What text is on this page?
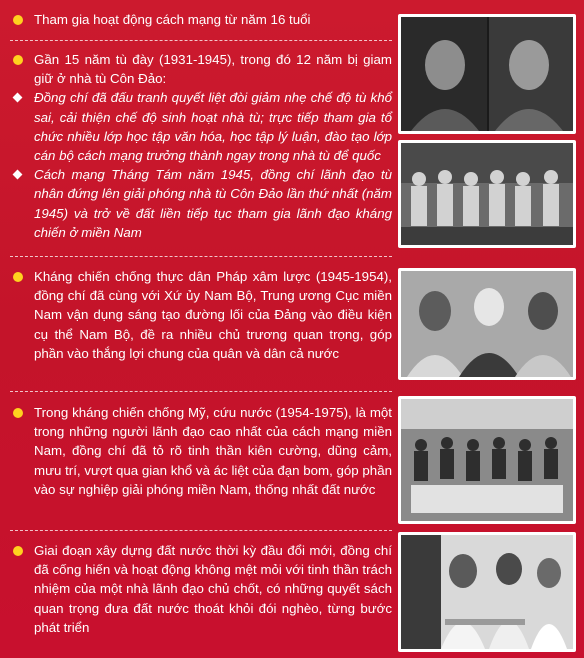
Tham gia hoạt động cách mạng từ năm 16 tuổi
Gần 15 năm tù đày (1931-1945), trong đó 12 năm bị giam giữ ở nhà tù Côn Đảo:
Đồng chí đã đấu tranh quyết liệt đòi giảm nhẹ chế độ tù khổ sai, cải thiện chế độ sinh hoạt nhà tù; trực tiếp tham gia tổ chức nhiều lớp học tập văn hóa, học tập lý luận, đào tạo lớp cán bộ cách mạng trưởng thành ngay trong nhà tù để quốc
Cách mạng Tháng Tám năm 1945, đồng chí lãnh đạo tù nhân đứng lên giải phóng nhà tù Côn Đảo lần thứ nhất (năm 1945) và trở về đất liền tiếp tục tham gia lãnh đạo kháng chiến ở miền Nam
Kháng chiến chống thực dân Pháp xâm lược (1945-1954), đồng chí đã cùng với Xứ ủy Nam Bộ, Trung ương Cục miền Nam vận dụng sáng tạo đường lối của Đảng vào điều kiện cụ thể Nam Bộ, đề ra nhiều chủ trương quan trọng, góp phần vào thắng lợi chung của quân và dân cả nước
Trong kháng chiến chống Mỹ, cứu nước (1954-1975), là một trong những người lãnh đạo cao nhất của cách mạng miền Nam, đồng chí đã tỏ rõ tinh thần kiên cường, dũng cảm, mưu trí, vượt qua gian khổ và ác liệt của đạn bom, góp phần vào sự nghiệp giải phóng miền Nam, thống nhất đất nước
Giai đoạn xây dựng đất nước thời kỳ đầu đổi mới, đồng chí đã cống hiến và hoạt động không mệt mỏi với tinh thần trách nhiệm của một nhà lãnh đạo chủ chốt, có những quyết sách quan trọng đưa đất nước thoát khỏi đói nghèo, từng bước phát triển
